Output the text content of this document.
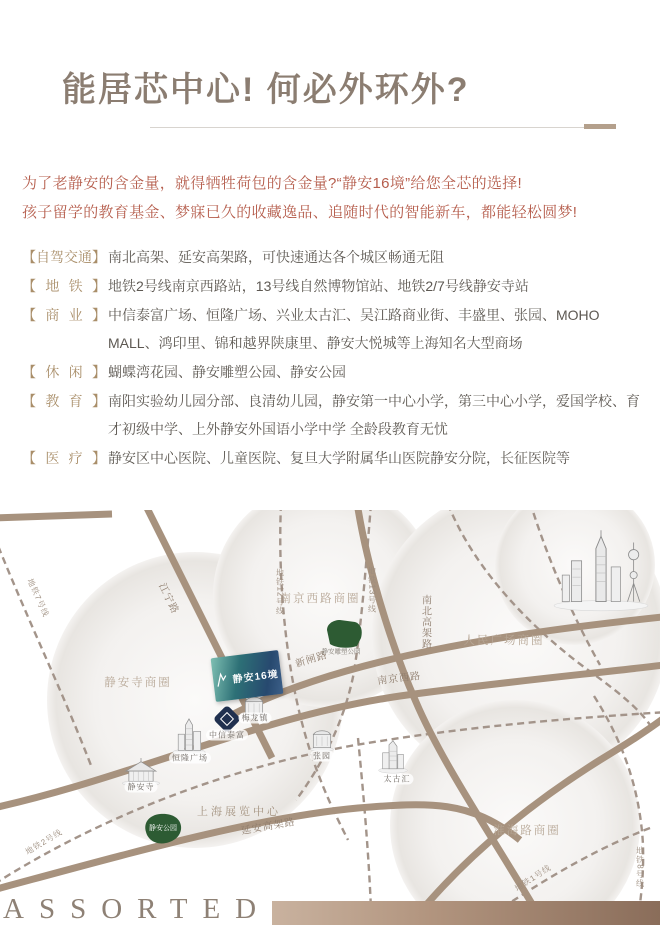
能居芯中心! 何必外环外?
为了老静安的含金量，就得牺牲荷包的含金量?“静安16境”给您全芯的选择!
孩子留学的教育基金、梦寐已久的收藏逸品、追随时代的智能新车，都能轻松圆梦!
【自驾交通】 南北高架、延安高架路，可快速通达各个城区畅通无阻
【 地 铁 】 地铁2号线南京西路站，13号线自然博物馆站、地铁2/7号线静安寺站
【 商 业 】 中信泰富广场、恒隆广场、兴业太古汇、吴江路商业街、丰盛里、张园、MOHO MALL、鸿印里、锦和越界陕康里、静安大悦城等上海知名大型商场
【 休 闲 】 蝴蝶湾花园、静安雕塑公园、静安公园
【 教 育 】 南阳实验幼儿园分部、良清幼儿园，静安第一中心小学，第三中心小学，爱国学校、育才初级中学、上外静安外国语小学中学 全龄段教育无忧
【 医 疗 】 静安区中心医院、儿童医院、复旦大学附属华山医院静安分院，长征医院等
静安16境
静安寺商圈
南京西路商圈
人民广场商圈
淮海路商圈
江宁路
新闸路
南京西路
南北高架路
延安高架路
上海展览中心
地铁7号线	地铁12号线	地铁13号线
地铁2号线
地铁1号线	地铁8号线
恒隆广场
中信泰富
梅龙镇
张园
静安寺
太古汇
静安雕塑公园
静安公园
ASSORTED
